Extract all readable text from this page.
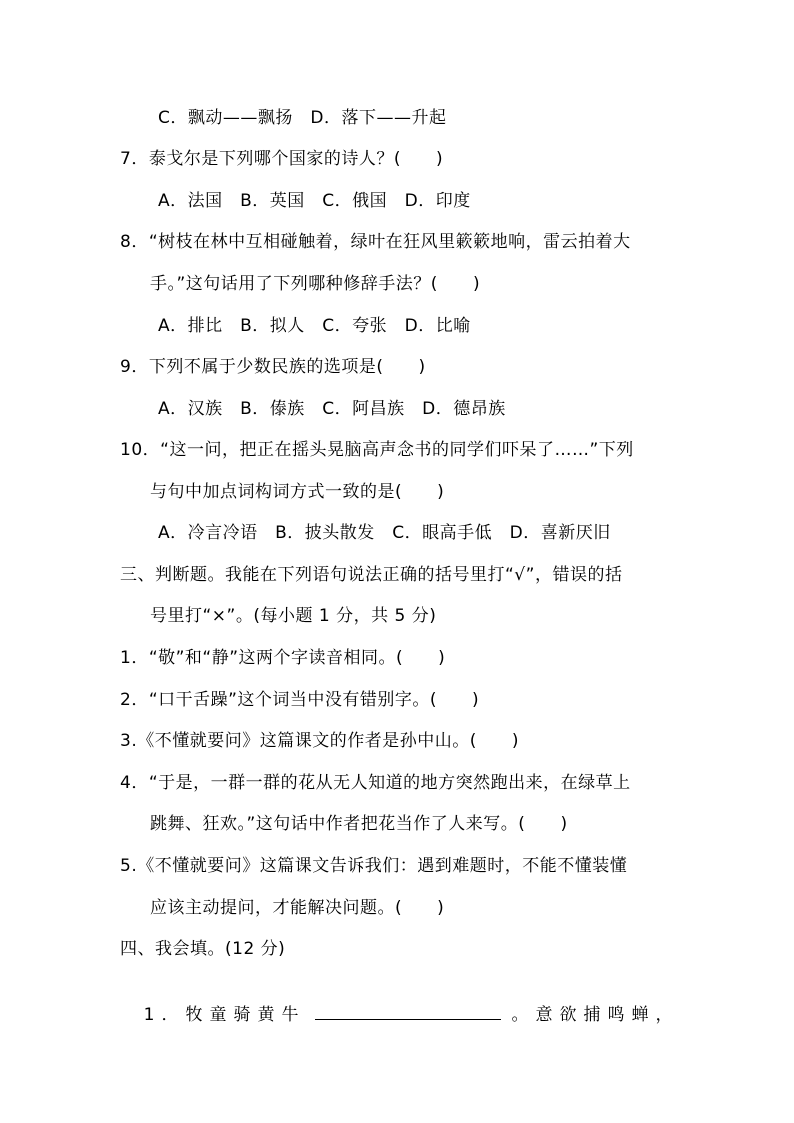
C．飘动——飘扬　D．落下——升起
7．泰戈尔是下列哪个国家的诗人？(　　)
A．法国　B．英国　C．俄国　D．印度
8．“树枝在林中互相碰触着，绿叶在狂风里簌簌地响，雷云拍着大
手。”这句话用了下列哪种修辞手法？(　　)
A．排比　B．拟人　C．夸张　D．比喻
9．下列不属于少数民族的选项是(　　)
A．汉族　B．傣族　C．阿昌族　D．德昂族
10．“这一问，把正在摇头晃脑高声念书的同学们吓呆了……”下列
与句中加点词构词方式一致的是(　　)
A．冷言冷语　B．披头散发　C．眼高手低　D．喜新厌旧
三、判断题。我能在下列语句说法正确的括号里打“√”，错误的括
号里打“×”。(每小题 1 分，共 5 分)
1．“敬”和“静”这两个字读音相同。(　　)
2．“口干舌躁”这个词当中没有错别字。(　　)
3.《不懂就要问》这篇课文的作者是孙中山。(　　)
4．“于是，一群一群的花从无人知道的地方突然跑出来，在绿草上
跳舞、狂欢。”这句话中作者把花当作了人来写。(　　)
5.《不懂就要问》这篇课文告诉我们：遇到难题时，不能不懂装懂
应该主动提问，才能解决问题。(　　)
四、我会填。(12 分)

1．牧童骑黄牛	。意欲捕鸣蝉，
